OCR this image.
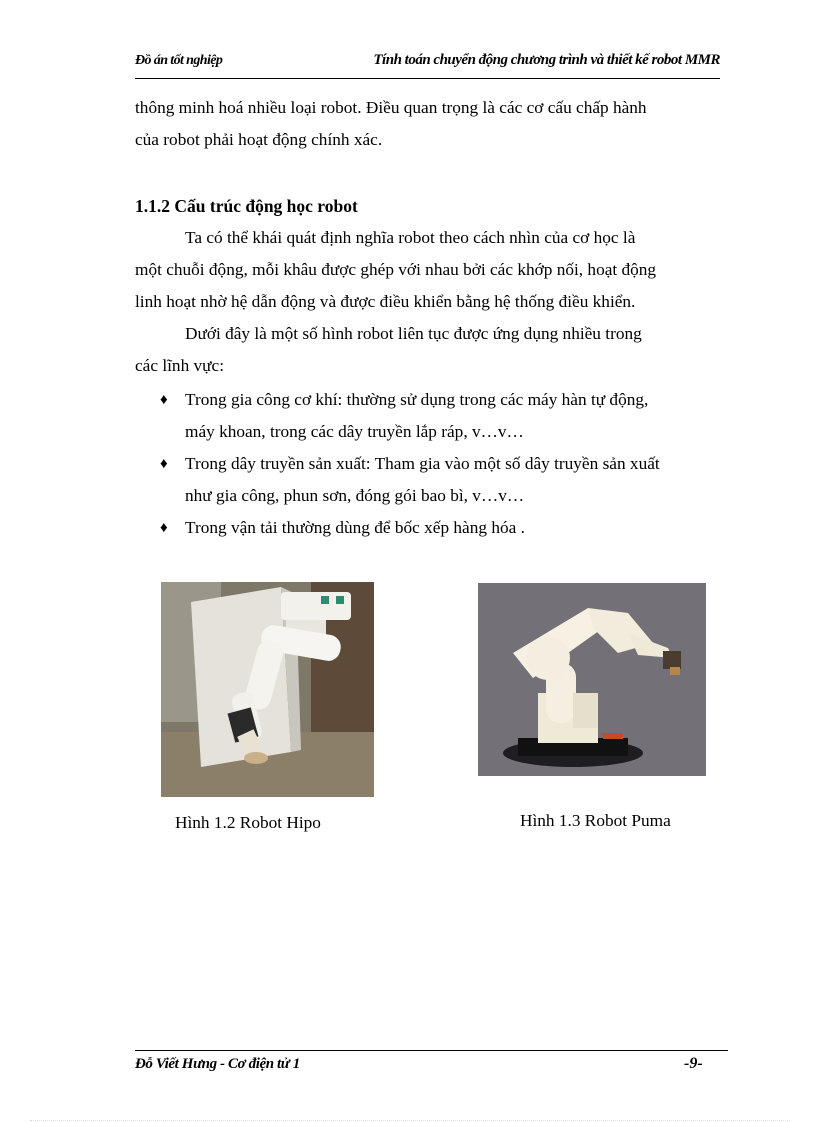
Đồ án tốt nghiệp	Tính toán chuyển động chương trình và thiết kế robot MMR
thông minh hoá nhiều loại robot. Điều quan trọng là các cơ cấu chấp hành
của robot phải hoạt động chính xác.
1.1.2 Cấu trúc động học robot
Ta có thể khái quát định nghĩa robot theo cách nhìn của cơ học là
một chuỗi động, mỗi khâu được ghép với nhau bởi các khớp nối, hoạt động
linh hoạt nhờ hệ dẫn động và được điều khiển bằng hệ thống điều khiển.
Dưới đây là một số hình robot liên tục được ứng dụng nhiều trong
các lĩnh vực:
♦ Trong gia công cơ khí: thường sử dụng trong các máy hàn tự động,
máy khoan, trong các dây truyền lắp ráp, v…v…
♦ Trong dây truyền sản xuất: Tham gia vào một số dây truyền sản xuất
như gia công, phun sơn, đóng gói bao bì, v…v…
♦ Trong vận tải thường dùng để bốc xếp hàng hóa .
Hình 1.2 Robot Hipo	Hình 1.3 Robot Puma
Đỗ Viết Hưng - Cơ điện tử 1	-9-
